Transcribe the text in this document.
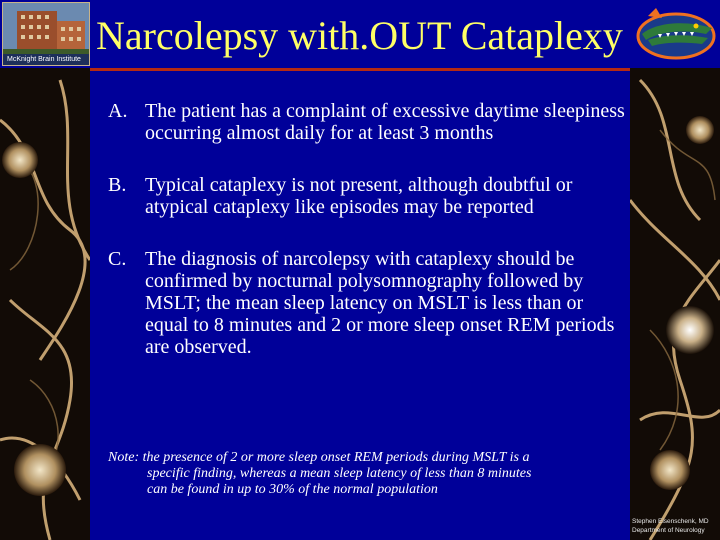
McKnight Brain Institute
Narcolepsy with.OUT Cataplexy
A. The patient has a complaint of excessive daytime sleepiness occurring almost daily for at least 3 months
B. Typical cataplexy is not present, although doubtful or atypical cataplexy like episodes may be reported
C. The diagnosis of narcolepsy with cataplexy should be confirmed by nocturnal polysomnography followed by MSLT; the mean sleep latency on MSLT is less than or equal to 8 minutes and 2 or more sleep onset REM periods are observed.
Note: the presence of 2 or more sleep onset REM periods during MSLT is a
specific finding, whereas a mean sleep latency of less than 8 minutes
can be found in up to 30% of the normal population
Stephen Eisenschenk, MD
Department of Neurology
